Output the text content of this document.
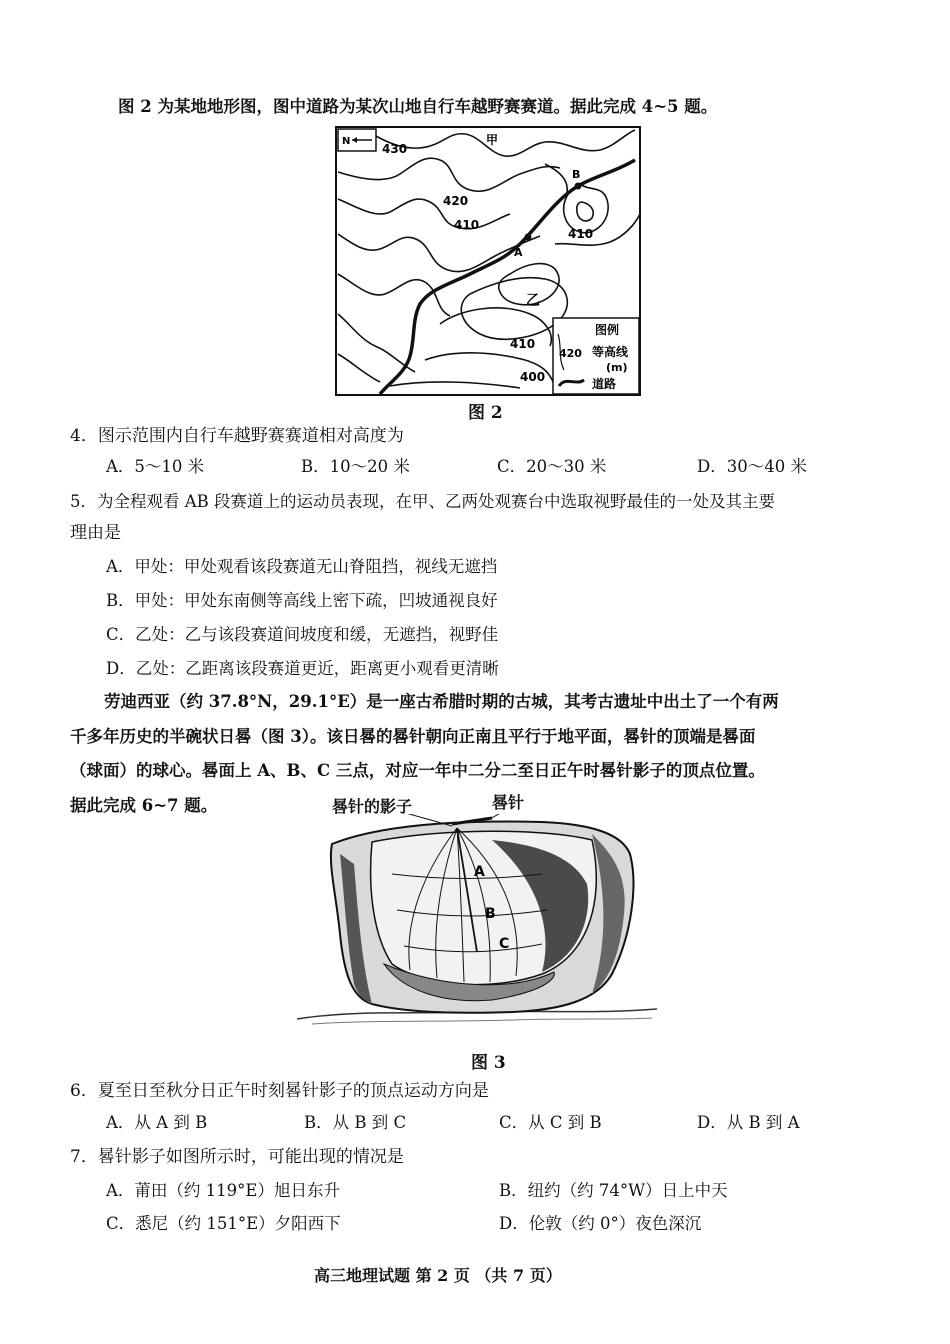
图 2 为某地地形图，图中道路为某次山地自行车越野赛赛道。据此完成 4~5 题。
N
A
B
甲
乙
430
420
410
410
410
400
图例
420 等高线
(m)
道路
图 2
4．图示范围内自行车越野赛赛道相对高度为
A．5～10 米	B．10～20 米	C．20～30 米	D．30～40 米
5．为全程观看 AB 段赛道上的运动员表现，在甲、乙两处观赛台中选取视野最佳的一处及其主要
理由是
A．甲处：甲处观看该段赛道无山脊阻挡，视线无遮挡
B．甲处：甲处东南侧等高线上密下疏，凹坡通视良好
C．乙处：乙与该段赛道间坡度和缓，无遮挡，视野佳
D．乙处：乙距离该段赛道更近，距离更小观看更清晰
劳迪西亚（约 37.8°N，29.1°E）是一座古希腊时期的古城，其考古遗址中出土了一个有两
千多年历史的半碗状日晷（图 3）。该日晷的晷针朝向正南且平行于地平面，晷针的顶端是晷面
（球面）的球心。晷面上 A、B、C 三点，对应一年中二分二至日正午时晷针影子的顶点位置。
据此完成 6~7 题。	晷针的影子	晷针
A
B
C
图 3
6．夏至日至秋分日正午时刻晷针影子的顶点运动方向是
A．从 A 到 B	B．从 B 到 C	C．从 C 到 B	D．从 B 到 A
7．晷针影子如图所示时，可能出现的情况是
A．莆田（约 119°E）旭日东升	B．纽约（约 74°W）日上中天
C．悉尼（约 151°E）夕阳西下	D．伦敦（约 0°）夜色深沉
高三地理试题 第 2 页 （共 7 页）
